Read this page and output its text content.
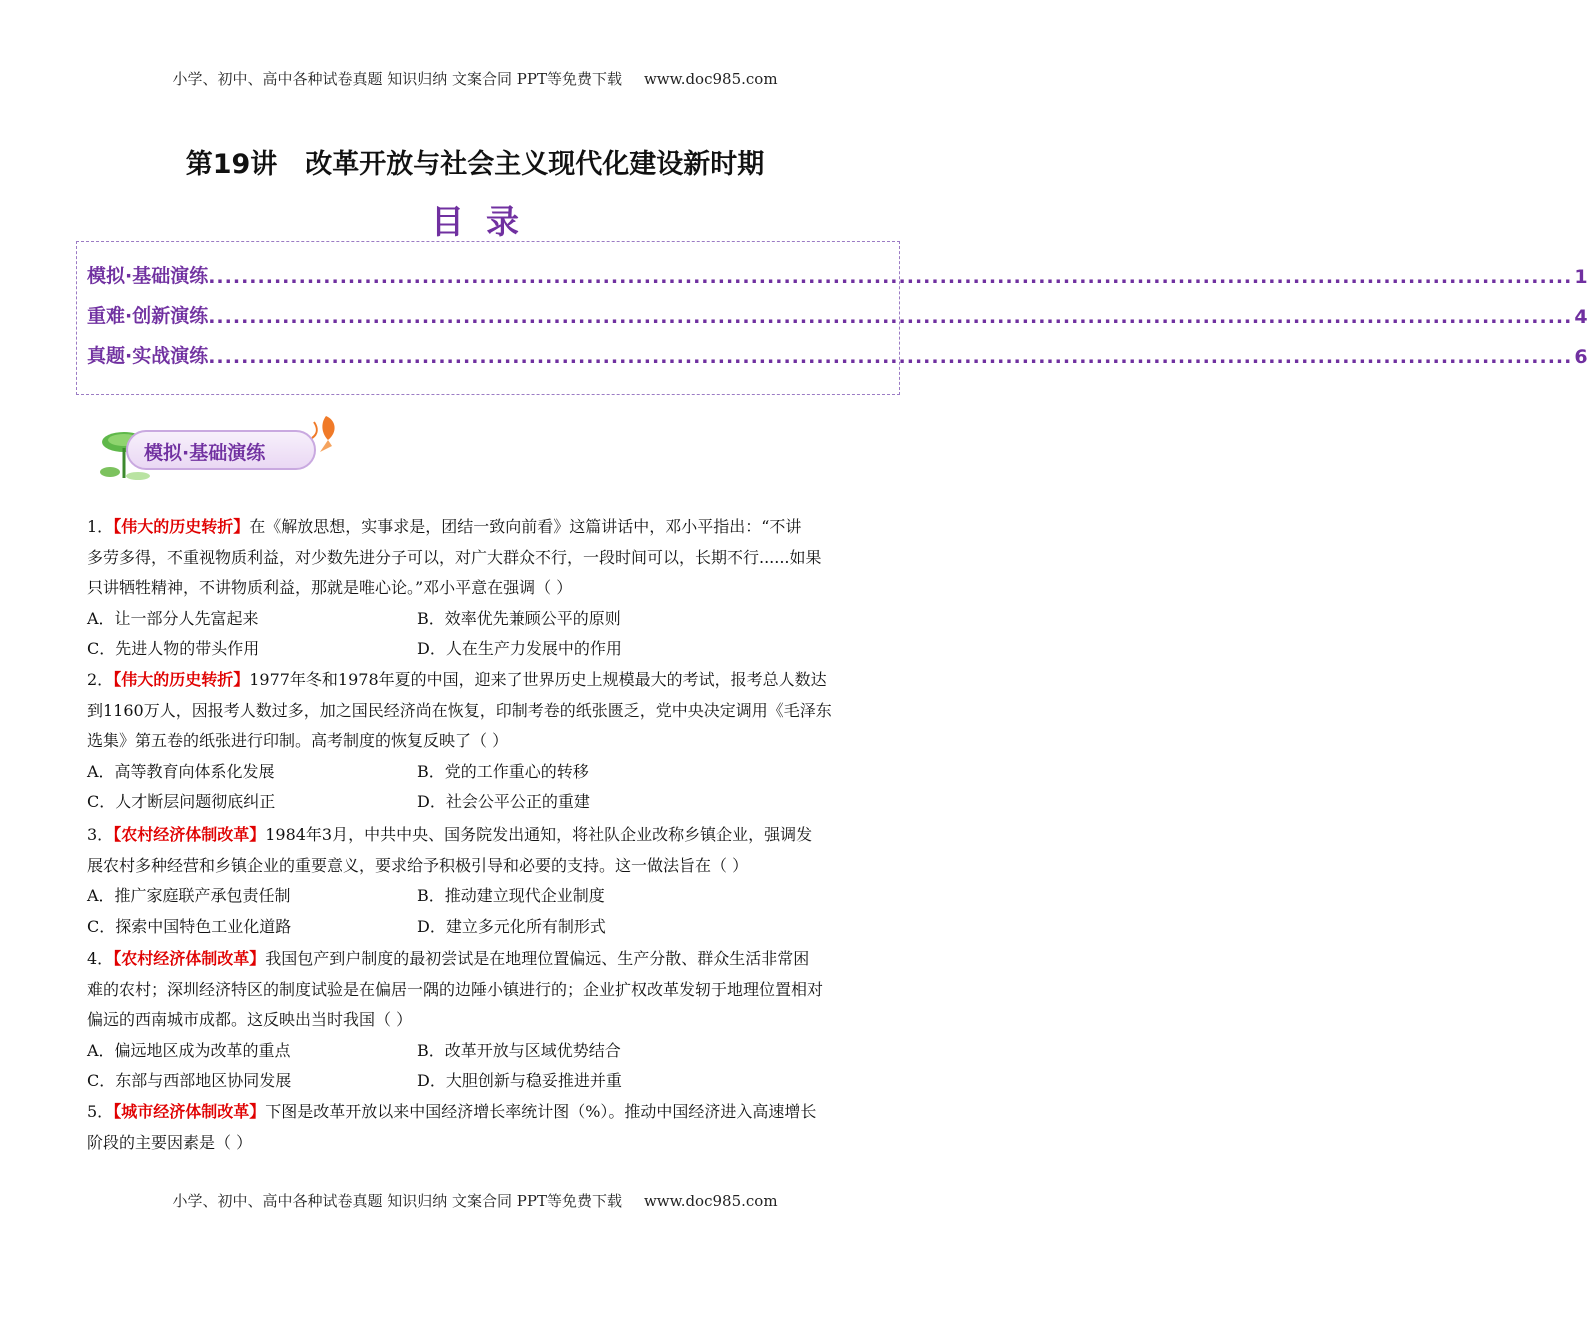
小学、初中、高中各种试卷真题 知识归纳 文案合同 PPT等免费下载 www.doc985.com
第19讲 改革开放与社会主义现代化建设新时期
目录
模拟·基础演练 ...................................................................................................................................................................... 1
重难·创新演练 ...................................................................................................................................................................... 4
真题·实战演练 ...................................................................................................................................................................... 6
模拟·基础演练
1．【伟大的历史转折】在《解放思想，实事求是，团结一致向前看》这篇讲话中，邓小平指出：“不讲
多劳多得，不重视物质利益，对少数先进分子可以，对广大群众不行，一段时间可以，长期不行......如果
只讲牺牲精神，不讲物质利益，那就是唯心论。”邓小平意在强调（ ）
A．让一部分人先富起来	B．效率优先兼顾公平的原则
C．先进人物的带头作用	D．人在生产力发展中的作用
2．【伟大的历史转折】1977年冬和1978年夏的中国，迎来了世界历史上规模最大的考试，报考总人数达
到1160万人，因报考人数过多，加之国民经济尚在恢复，印制考卷的纸张匮乏，党中央决定调用《毛泽东
选集》第五卷的纸张进行印制。高考制度的恢复反映了（ ）
A．高等教育向体系化发展	B．党的工作重心的转移
C．人才断层问题彻底纠正	D．社会公平公正的重建
3．【农村经济体制改革】1984年3月，中共中央、国务院发出通知，将社队企业改称乡镇企业，强调发
展农村多种经营和乡镇企业的重要意义，要求给予积极引导和必要的支持。这一做法旨在（ ）
A．推广家庭联产承包责任制	B．推动建立现代企业制度
C．探索中国特色工业化道路	D．建立多元化所有制形式
4．【农村经济体制改革】我国包产到户制度的最初尝试是在地理位置偏远、生产分散、群众生活非常困
难的农村；深圳经济特区的制度试验是在偏居一隅的边陲小镇进行的；企业扩权改革发轫于地理位置相对
偏远的西南城市成都。这反映出当时我国（ ）
A．偏远地区成为改革的重点	B．改革开放与区域优势结合
C．东部与西部地区协同发展	D．大胆创新与稳妥推进并重
5．【城市经济体制改革】下图是改革开放以来中国经济增长率统计图（%）。推动中国经济进入高速增长
阶段的主要因素是（ ）
小学、初中、高中各种试卷真题 知识归纳 文案合同 PPT等免费下载 www.doc985.com
